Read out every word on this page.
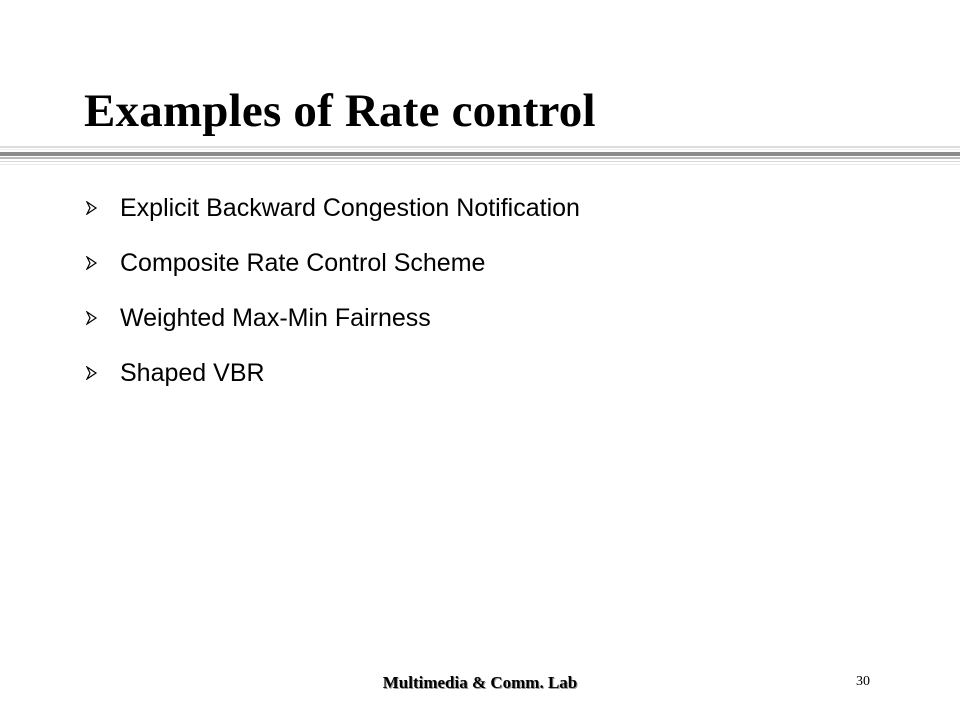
Examples of Rate control
Explicit Backward Congestion Notification
Composite Rate Control Scheme
Weighted Max-Min Fairness
Shaped VBR
Multimedia & Comm. Lab	30
